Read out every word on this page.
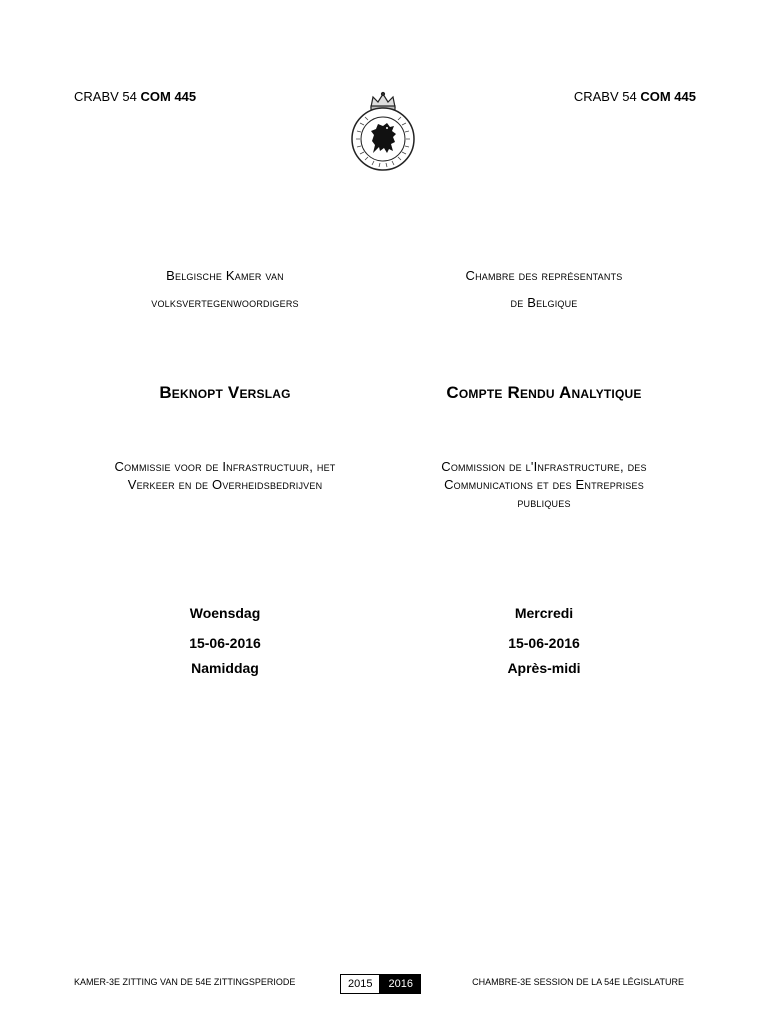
CRABV 54 COM 445	CRABV 54 COM 445
Belgische Kamer van
volksvertegenwoordigers
Chambre des représentants
de Belgique
Beknopt Verslag	Compte Rendu Analytique
Commissie voor de Infrastructuur, het
Verkeer en de Overheidsbedrijven
Commission de l'Infrastructure, des
Communications et des Entreprises
publiques
Woensdag	Mercredi
15-06-2016	15-06-2016
Namiddag	Après-midi
KAMER-3E ZITTING VAN DE 54E ZITTINGSPERIODE	2015	2016	CHAMBRE-3E SESSION DE LA 54E LÉGISLATURE
